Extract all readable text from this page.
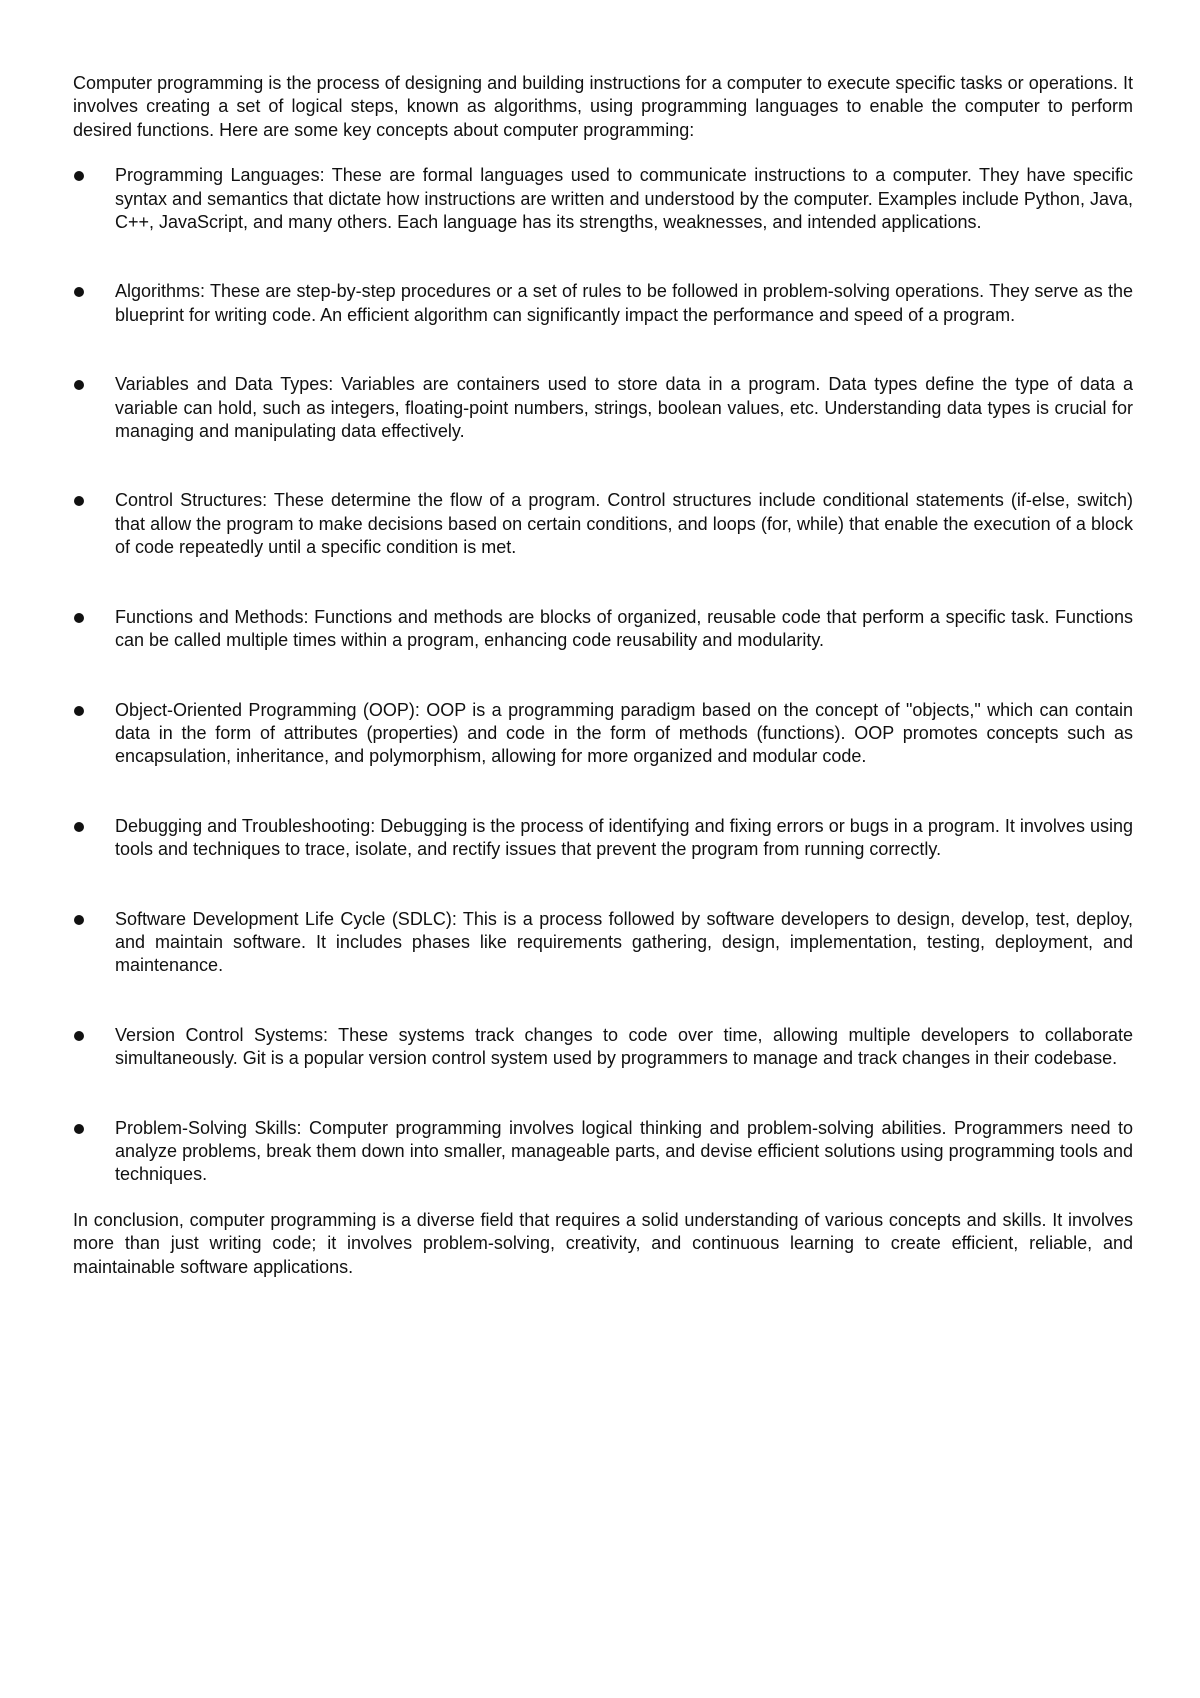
Computer programming is the process of designing and building instructions for a computer to execute specific tasks or operations. It involves creating a set of logical steps, known as algorithms, using programming languages to enable the computer to perform desired functions. Here are some key concepts about computer programming:

Programming Languages: These are formal languages used to communicate instructions to a computer. They have specific syntax and semantics that dictate how instructions are written and understood by the computer. Examples include Python, Java, C++, JavaScript, and many others. Each language has its strengths, weaknesses, and intended applications.
Algorithms: These are step-by-step procedures or a set of rules to be followed in problem-solving operations. They serve as the blueprint for writing code. An efficient algorithm can significantly impact the performance and speed of a program.
Variables and Data Types: Variables are containers used to store data in a program. Data types define the type of data a variable can hold, such as integers, floating-point numbers, strings, boolean values, etc. Understanding data types is crucial for managing and manipulating data effectively.
Control Structures: These determine the flow of a program. Control structures include conditional statements (if-else, switch) that allow the program to make decisions based on certain conditions, and loops (for, while) that enable the execution of a block of code repeatedly until a specific condition is met.
Functions and Methods: Functions and methods are blocks of organized, reusable code that perform a specific task. Functions can be called multiple times within a program, enhancing code reusability and modularity.
Object-Oriented Programming (OOP): OOP is a programming paradigm based on the concept of "objects," which can contain data in the form of attributes (properties) and code in the form of methods (functions). OOP promotes concepts such as encapsulation, inheritance, and polymorphism, allowing for more organized and modular code.
Debugging and Troubleshooting: Debugging is the process of identifying and fixing errors or bugs in a program. It involves using tools and techniques to trace, isolate, and rectify issues that prevent the program from running correctly.
Software Development Life Cycle (SDLC): This is a process followed by software developers to design, develop, test, deploy, and maintain software. It includes phases like requirements gathering, design, implementation, testing, deployment, and maintenance.
Version Control Systems: These systems track changes to code over time, allowing multiple developers to collaborate simultaneously. Git is a popular version control system used by programmers to manage and track changes in their codebase.
Problem-Solving Skills: Computer programming involves logical thinking and problem-solving abilities. Programmers need to analyze problems, break them down into smaller, manageable parts, and devise efficient solutions using programming tools and techniques.

In conclusion, computer programming is a diverse field that requires a solid understanding of various concepts and skills. It involves more than just writing code; it involves problem-solving, creativity, and continuous learning to create efficient, reliable, and maintainable software applications.
